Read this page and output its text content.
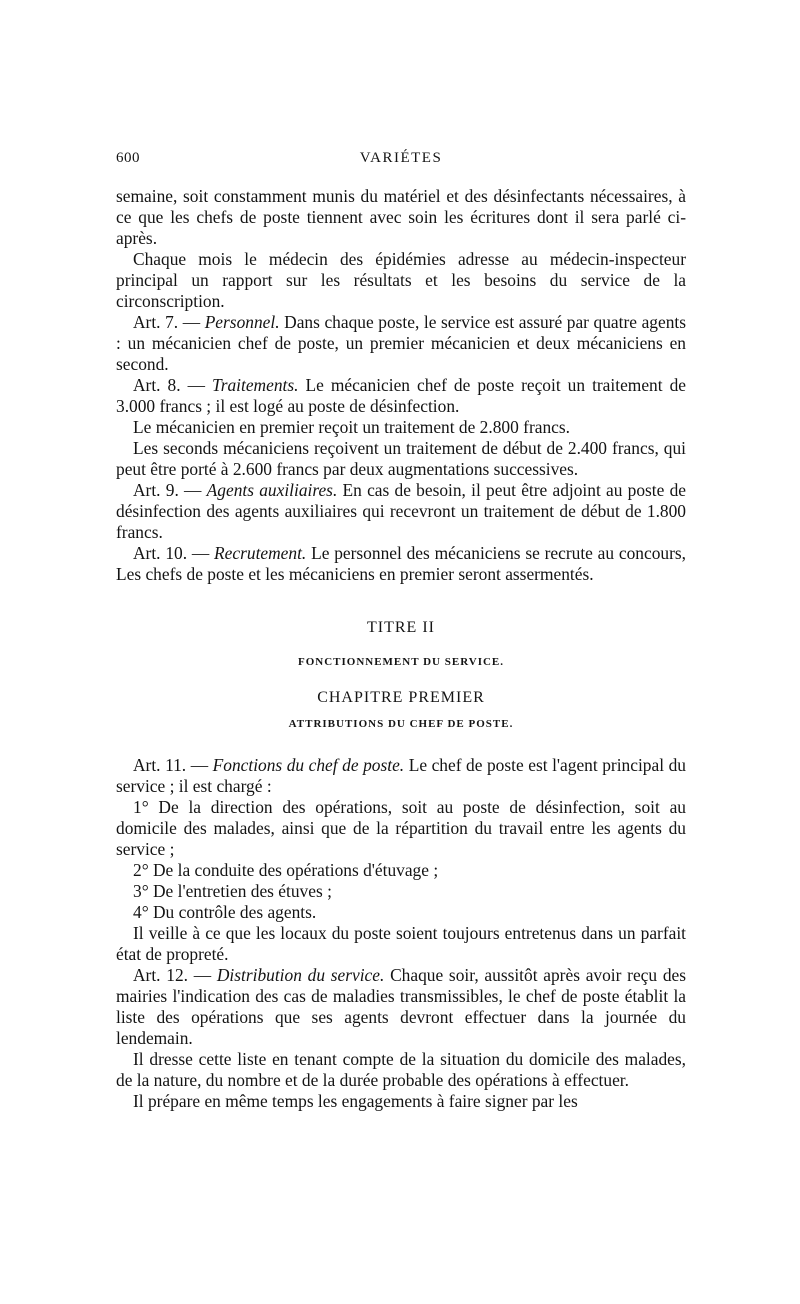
600	VARIÉTES

semaine, soit constamment munis du matériel et des désinfectants nécessaires, à ce que les chefs de poste tiennent avec soin les écritures dont il sera parlé ci-après.

Chaque mois le médecin des épidémies adresse au médecin-inspecteur principal un rapport sur les résultats et les besoins du service de la circonscription.

Art. 7. — Personnel. Dans chaque poste, le service est assuré par quatre agents : un mécanicien chef de poste, un premier mécanicien et deux mécaniciens en second.

Art. 8. — Traitements. Le mécanicien chef de poste reçoit un traitement de 3.000 francs ; il est logé au poste de désinfection.

Le mécanicien en premier reçoit un traitement de 2.800 francs.

Les seconds mécaniciens reçoivent un traitement de début de 2.400 francs, qui peut être porté à 2.600 francs par deux augmentations successives.

Art. 9. — Agents auxiliaires. En cas de besoin, il peut être adjoint au poste de désinfection des agents auxiliaires qui recevront un traitement de début de 1.800 francs.

Art. 10. — Recrutement. Le personnel des mécaniciens se recrute au concours, Les chefs de poste et les mécaniciens en premier seront assermentés.

TITRE II

FONCTIONNEMENT DU SERVICE.

CHAPITRE PREMIER

ATTRIBUTIONS DU CHEF DE POSTE.

Art. 11. — Fonctions du chef de poste. Le chef de poste est l'agent principal du service ; il est chargé :

1° De la direction des opérations, soit au poste de désinfection, soit au domicile des malades, ainsi que de la répartition du travail entre les agents du service ;

2° De la conduite des opérations d'étuvage ;

3° De l'entretien des étuves ;

4° Du contrôle des agents.

Il veille à ce que les locaux du poste soient toujours entretenus dans un parfait état de propreté.

Art. 12. — Distribution du service. Chaque soir, aussitôt après avoir reçu des mairies l'indication des cas de maladies transmissibles, le chef de poste établit la liste des opérations que ses agents devront effectuer dans la journée du lendemain.

Il dresse cette liste en tenant compte de la situation du domicile des malades, de la nature, du nombre et de la durée probable des opérations à effectuer.

Il prépare en même temps les engagements à faire signer par les
